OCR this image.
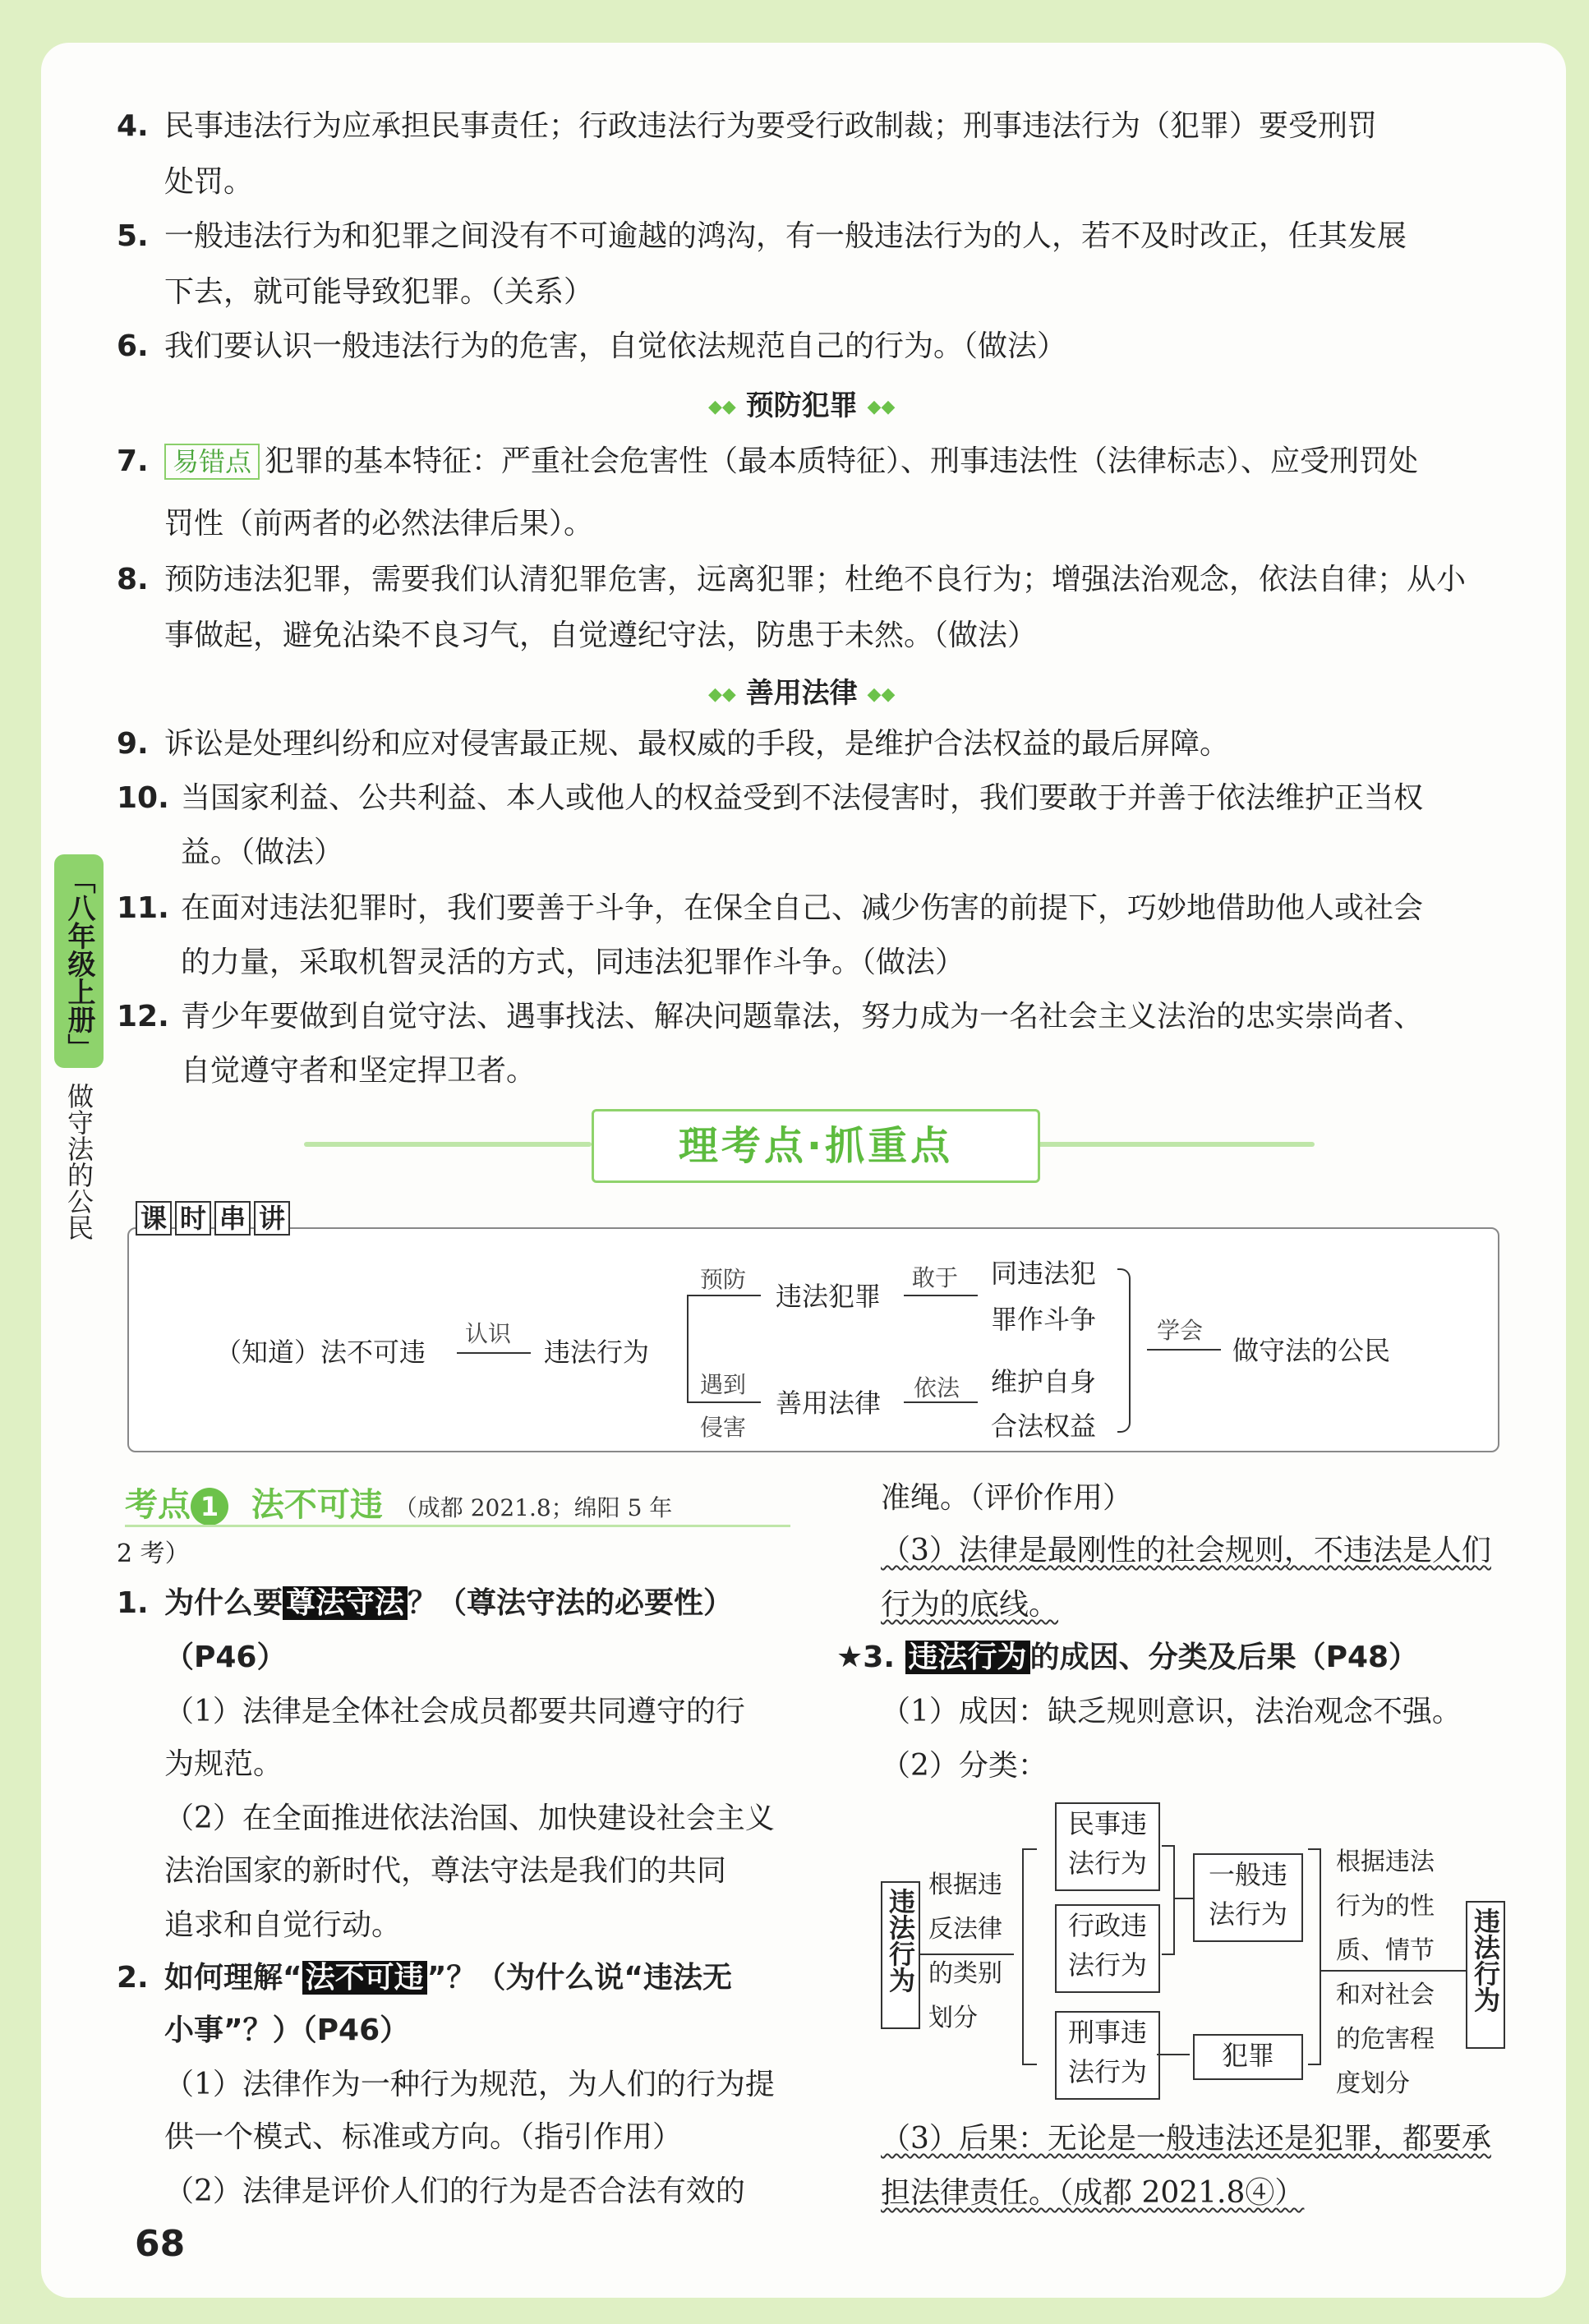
4. 民事违法行为应承担民事责任；行政违法行为要受行政制裁；刑事违法行为（犯罪）要受刑罚
处罚。
5. 一般违法行为和犯罪之间没有不可逾越的鸿沟，有一般违法行为的人，若不及时改正，任其发展
下去，就可能导致犯罪。（关系）
6. 我们要认识一般违法行为的危害，自觉依法规范自己的行为。（做法）
◆◆ 预防犯罪 ◆◆
7. 易错点 犯罪的基本特征：严重社会危害性（最本质特征）、刑事违法性（法律标志）、应受刑罚处
罚性（前两者的必然法律后果）。
8. 预防违法犯罪，需要我们认清犯罪危害，远离犯罪；杜绝不良行为；增强法治观念，依法自律；从小
事做起，避免沾染不良习气，自觉遵纪守法，防患于未然。（做法）
◆◆ 善用法律 ◆◆
9. 诉讼是处理纠纷和应对侵害最正规、最权威的手段，是维护合法权益的最后屏障。
10. 当国家利益、公共利益、本人或他人的权益受到不法侵害时，我们要敢于并善于依法维护正当权
益。（做法）
11. 在面对违法犯罪时，我们要善于斗争，在保全自己、减少伤害的前提下，巧妙地借助他人或社会
的力量，采取机智灵活的方式，同违法犯罪作斗争。（做法）
12. 青少年要做到自觉守法、遇事找法、解决问题靠法，努力成为一名社会主义法治的忠实崇尚者、
自觉遵守者和坚定捍卫者。
「八年级上册」
做守法的公民	理考点·抓重点
课 时 串 讲
（知道）法不可违
认识
违法行为
预防
违法犯罪
敢于 同违法犯
罪作斗争
遇到
侵害
善用法律 依法 维护自身
合法权益
学会
做守法的公民
考点 1 法不可违 （成都 2021.8；绵阳 5 年
2 考）
1. 为什么要 尊法守法 ？（尊法守法的必要性）
（P46）
（1）法律是全体社会成员都要共同遵守的行
为规范。
（2）在全面推进依法治国、加快建设社会主义
法治国家的新时代，尊法守法是我们的共同
追求和自觉行动。
2. 如何理解“ 法不可违 ”？（为什么说“违法无
小事”？）（P46）
（1）法律作为一种行为规范，为人们的行为提
供一个模式、标准或方向。（指引作用）
（2）法律是评价人们的行为是否合法有效的
准绳。（评价作用）
（3）法律是最刚性的社会规则，不违法是人们
行为的底线。
★3. 违法行为 的成因、分类及后果（P48）
（1）成因：缺乏规则意识，法治观念不强。
（2）分类：
违法行为
根据违
反法律
的类别
划分
民事违
法行为
行政违
法行为
刑事违
法行为
一般违
法行为
犯罪
根据违法
行为的性
质、情节
和对社会
的危害程
度划分
违法行为
（3）后果：无论是一般违法还是犯罪，都要承
担法律责任。（成都 2021.8④）
68
